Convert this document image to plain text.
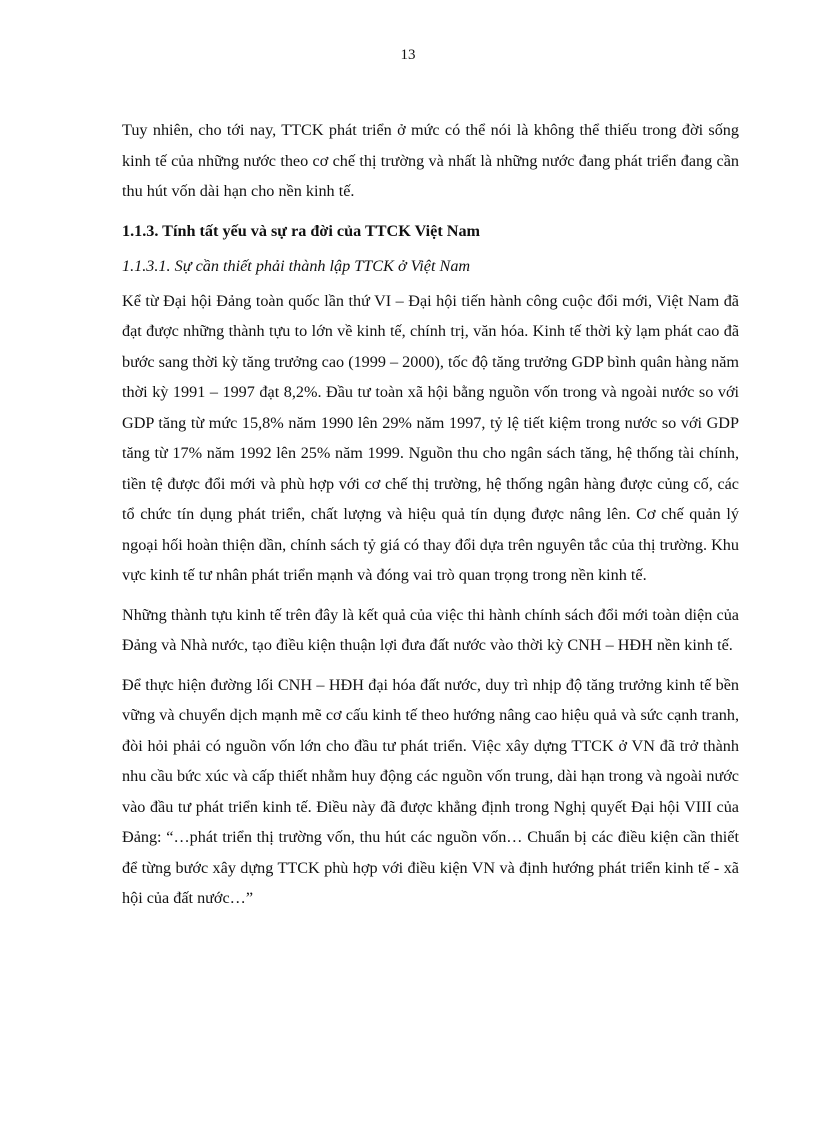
13

Tuy nhiên, cho tới nay, TTCK phát triển ở mức có thể nói là không thể thiếu trong đời sống kinh tế của những nước theo cơ chế thị trường và nhất là những nước đang phát triển đang cần thu hút vốn dài hạn cho nền kinh tế.

1.1.3. Tính tất yếu và sự ra đời của TTCK Việt Nam

1.1.3.1. Sự cần thiết phải thành lập TTCK ở Việt Nam

Kể từ Đại hội Đảng toàn quốc lần thứ VI – Đại hội tiến hành công cuộc đổi mới, Việt Nam đã đạt được những thành tựu to lớn về kinh tế, chính trị, văn hóa. Kinh tế thời kỳ lạm phát cao đã bước sang thời kỳ tăng trưởng cao (1999 – 2000), tốc độ tăng trưởng GDP bình quân hàng năm thời kỳ 1991 – 1997 đạt 8,2%. Đầu tư toàn xã hội bằng nguồn vốn trong và ngoài nước so với GDP tăng từ mức 15,8% năm 1990 lên 29% năm 1997, tỷ lệ tiết kiệm trong nước so với GDP tăng từ 17% năm 1992 lên 25% năm 1999. Nguồn thu cho ngân sách tăng, hệ thống tài chính, tiền tệ được đổi mới và phù hợp với cơ chế thị trường, hệ thống ngân hàng được củng cố, các tổ chức tín dụng phát triển, chất lượng và hiệu quả tín dụng được nâng lên. Cơ chế quản lý ngoại hối hoàn thiện dần, chính sách tỷ giá có thay đổi dựa trên nguyên tắc của thị trường. Khu vực kinh tế tư nhân phát triển mạnh và đóng vai trò quan trọng trong nền kinh tế.

Những thành tựu kinh tế trên đây là kết quả của việc thi hành chính sách đổi mới toàn diện của Đảng và Nhà nước, tạo điều kiện thuận lợi đưa đất nước vào thời kỳ CNH – HĐH nền kinh tế.

Để thực hiện đường lối CNH – HĐH đại hóa đất nước, duy trì nhịp độ tăng trưởng kinh tế bền vững và chuyển dịch mạnh mẽ cơ cấu kinh tế theo hướng nâng cao hiệu quả và sức cạnh tranh, đòi hỏi phải có nguồn vốn lớn cho đầu tư phát triển. Việc xây dựng TTCK ở VN đã trở thành nhu cầu bức xúc và cấp thiết nhằm huy động các nguồn vốn trung, dài hạn trong và ngoài nước vào đầu tư phát triển kinh tế. Điều này đã được khẳng định trong Nghị quyết Đại hội VIII của Đảng: “…phát triển thị trường vốn, thu hút các nguồn vốn… Chuẩn bị các điều kiện cần thiết để từng bước xây dựng TTCK phù hợp với điều kiện VN và định hướng phát triển kinh tế - xã hội của đất nước…”
